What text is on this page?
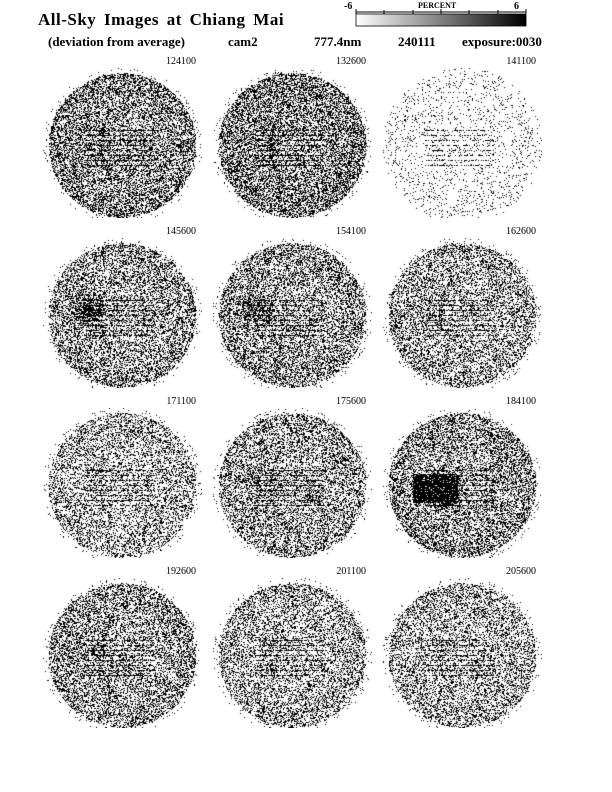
All-Sky Images at Chiang Mai
(deviation from average)	cam2	777.4nm	240111 exposure:0030
-6	PERCENT	6
124100	132600	141100
145600	154100	162600
171100	175600	184100
192600	201100	205600
